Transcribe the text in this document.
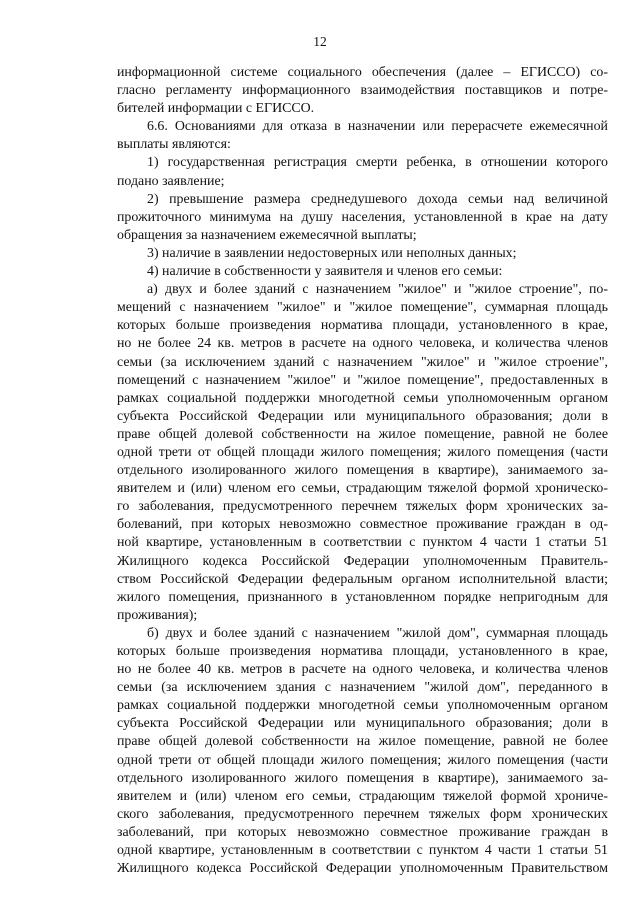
12
информационной системе социального обеспечения (далее – ЕГИССО) со-
гласно регламенту информационного взаимодействия поставщиков и потре-
бителей информации с ЕГИССО.
6.6. Основаниями для отказа в назначении или перерасчете ежемесячной
выплаты являются:
1) государственная регистрация смерти ребенка, в отношении которого
подано заявление;
2) превышение размера среднедушевого дохода семьи над величиной
прожиточного минимума на душу населения, установленной в крае на дату
обращения за назначением ежемесячной выплаты;
3) наличие в заявлении недостоверных или неполных данных;
4) наличие в собственности у заявителя и членов его семьи:
а) двух и более зданий с назначением "жилое" и "жилое строение", по-
мещений с назначением "жилое" и "жилое помещение", суммарная площадь
которых больше произведения норматива площади, установленного в крае,
но не более 24 кв. метров в расчете на одного человека, и количества членов
семьи (за исключением зданий с назначением "жилое" и "жилое строение",
помещений с назначением "жилое" и "жилое помещение", предоставленных в
рамках социальной поддержки многодетной семьи уполномоченным органом
субъекта Российской Федерации или муниципального образования; доли в
праве общей долевой собственности на жилое помещение, равной не более
одной трети от общей площади жилого помещения; жилого помещения (части
отдельного изолированного жилого помещения в квартире), занимаемого за-
явителем и (или) членом его семьи, страдающим тяжелой формой хроническо-
го заболевания, предусмотренного перечнем тяжелых форм хронических за-
болеваний, при которых невозможно совместное проживание граждан в од-
ной квартире, установленным в соответствии с пунктом 4 части 1 статьи 51
Жилищного кодекса Российской Федерации уполномоченным Правитель-
ством Российской Федерации федеральным органом исполнительной власти;
жилого помещения, признанного в установленном порядке непригодным для
проживания);
б) двух и более зданий с назначением "жилой дом", суммарная площадь
которых больше произведения норматива площади, установленного в крае,
но не более 40 кв. метров в расчете на одного человека, и количества членов
семьи (за исключением здания с назначением "жилой дом", переданного в
рамках социальной поддержки многодетной семьи уполномоченным органом
субъекта Российской Федерации или муниципального образования; доли в
праве общей долевой собственности на жилое помещение, равной не более
одной трети от общей площади жилого помещения; жилого помещения (части
отдельного изолированного жилого помещения в квартире), занимаемого за-
явителем и (или) членом его семьи, страдающим тяжелой формой хрониче-
ского заболевания, предусмотренного перечнем тяжелых форм хронических
заболеваний, при которых невозможно совместное проживание граждан в
одной квартире, установленным в соответствии с пунктом 4 части 1 статьи 51
Жилищного кодекса Российской Федерации уполномоченным Правительством
